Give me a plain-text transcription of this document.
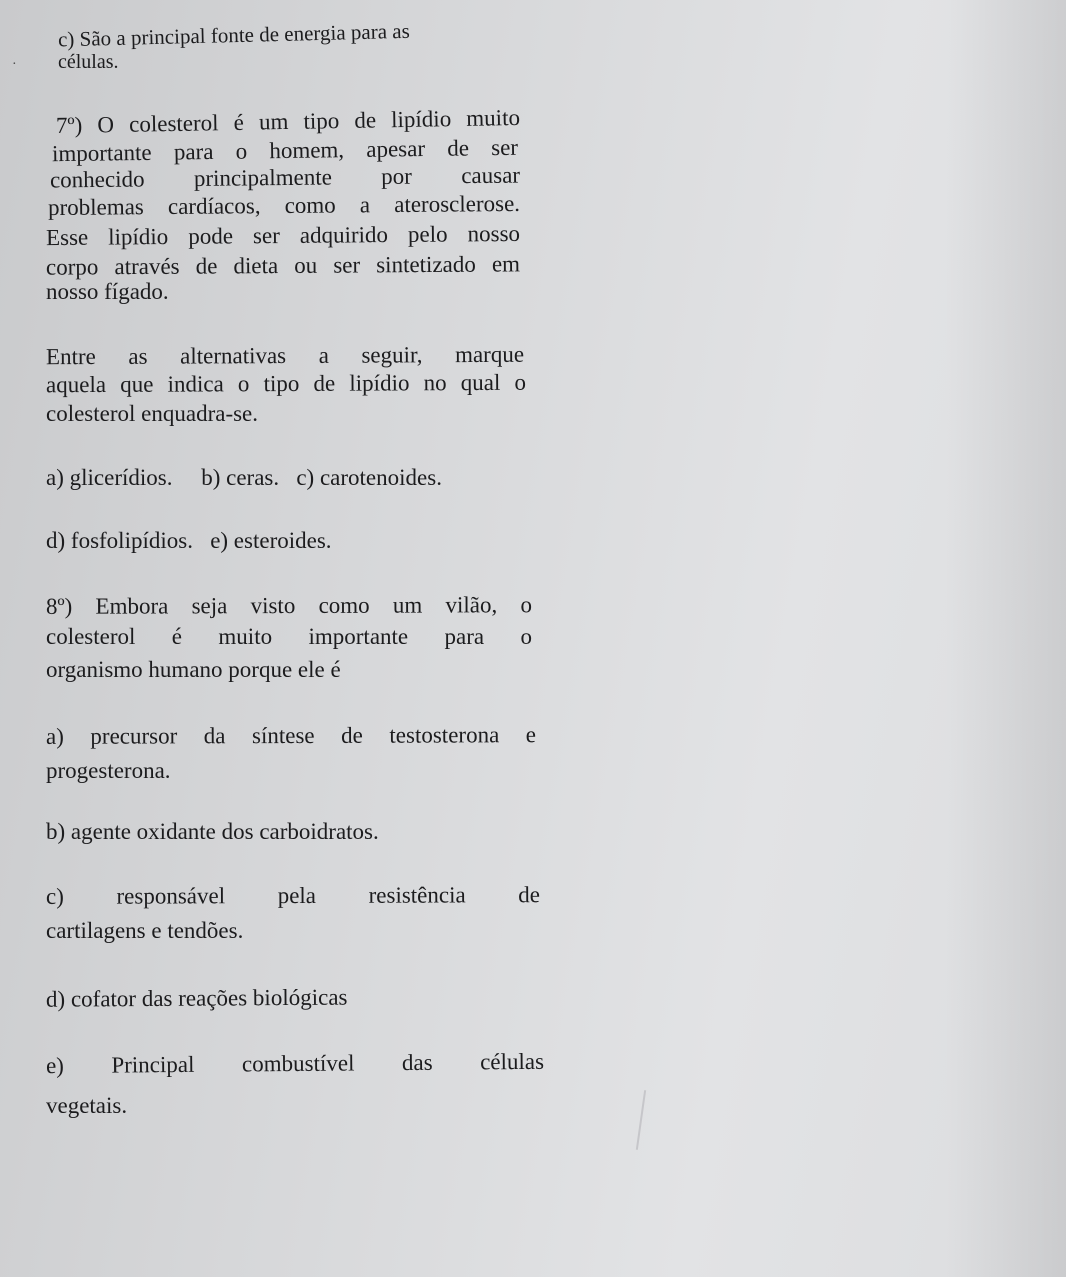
·
c) São a principal fonte de energia para as
células.
7º) O colesterol é um tipo de lipídio muito
importante para o homem, apesar de ser
conhecido principalmente por causar
problemas cardíacos, como a aterosclerose.
Esse lipídio pode ser adquirido pelo nosso
corpo através de dieta ou ser sintetizado em
nosso fígado.
Entre as alternativas a seguir, marque
aquela que indica o tipo de lipídio no qual o
colesterol enquadra-se.
a) glicerídios.     b) ceras.   c) carotenoides.
d) fosfolipídios.   e) esteroides.
8º) Embora seja visto como um vilão, o
colesterol é muito importante para o
organismo humano porque ele é
a) precursor da síntese de testosterona e
progesterona.
b) agente oxidante dos carboidratos.
c) responsável pela resistência de
cartilagens e tendões.
d) cofator das reações biológicas
e) Principal combustível das células
vegetais.
